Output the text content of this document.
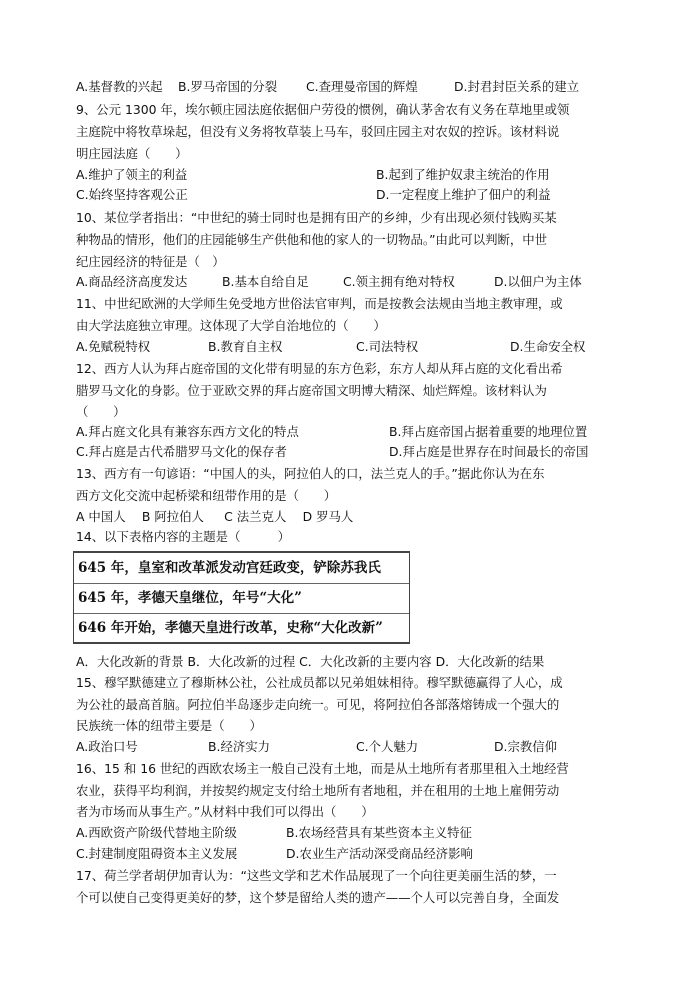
A.基督教的兴起 B.罗马帝国的分裂 C.查理曼帝国的辉煌	D.封君封臣关系的建立
9、公元 1300 年，埃尔顿庄园法庭依据佃户劳役的惯例，确认茅舍农有义务在草地里或领
主庭院中将牧草垛起，但没有义务将牧草装上马车，驳回庄园主对农奴的控诉。该材料说
明庄园法庭（　　）
A.维护了领主的利益	B.起到了维护奴隶主统治的作用
C.始终坚持客观公正	D.一定程度上维护了佃户的利益
10、某位学者指出：“中世纪的骑士同时也是拥有田产的乡绅，少有出现必须付钱购买某
种物品的情形，他们的庄园能够生产供他和他的家人的一切物品。”由此可以判断，中世
纪庄园经济的特征是（　）
A.商品经济高度发达	B.基本自给自足	C.领主拥有绝对特权	D.以佃户为主体
11、中世纪欧洲的大学师生免受地方世俗法官审判，而是按教会法规由当地主教审理，或
由大学法庭独立审理。这体现了大学自治地位的（　　）
A.免赋税特权	B.教育自主权	C.司法特权	D.生命安全权
12、西方人认为拜占庭帝国的文化带有明显的东方色彩，东方人却从拜占庭的文化看出希
腊罗马文化的身影。位于亚欧交界的拜占庭帝国文明博大精深、灿烂辉煌。该材料认为
（　　）
A.拜占庭文化具有兼容东西方文化的特点	B.拜占庭帝国占据着重要的地理位置
C.拜占庭是古代希腊罗马文化的保存者	D.拜占庭是世界存在时间最长的帝国
13、西方有一句谚语：“中国人的头，阿拉伯人的口，法兰克人的手。”据此你认为在东
西方文化交流中起桥梁和纽带作用的是（　　）
A 中国人　 B 阿拉伯人 　 C 法兰克人　 D 罗马人
14、以下表格内容的主题是（　　　）
645 年，皇室和改革派发动宫廷政变，铲除苏我氏
645 年，孝德天皇继位，年号“大化”
646 年开始，孝德天皇进行改革，史称“大化改新”
A．大化改新的背景 B．大化改新的过程 C．大化改新的主要内容 D．大化改新的结果
15、穆罕默德建立了穆斯林公社，公社成员都以兄弟姐妹相待。穆罕默德赢得了人心，成
为公社的最高首脑。阿拉伯半岛逐步走向统一。可见，将阿拉伯各部落熔铸成一个强大的
民族统一体的纽带主要是（　　）
A.政治口号	B.经济实力	C.个人魅力	D.宗教信仰
16、15 和 16 世纪的西欧农场主一般自己没有土地，而是从土地所有者那里租入土地经营
农业，获得平均利润，并按契约规定支付给土地所有者地租，并在租用的土地上雇佣劳动
者为市场而从事生产。”从材料中我们可以得出（　　）
A.西欧资产阶级代替地主阶级	B.农场经营具有某些资本主义特征
C.封建制度阻碍资本主义发展	D.农业生产活动深受商品经济影响
17、荷兰学者胡伊加青认为：“这些文学和艺术作品展现了一个向往更美丽生活的梦，一
个可以使自己变得更美好的梦，这个梦是留给人类的遗产——个人可以完善自身，全面发
